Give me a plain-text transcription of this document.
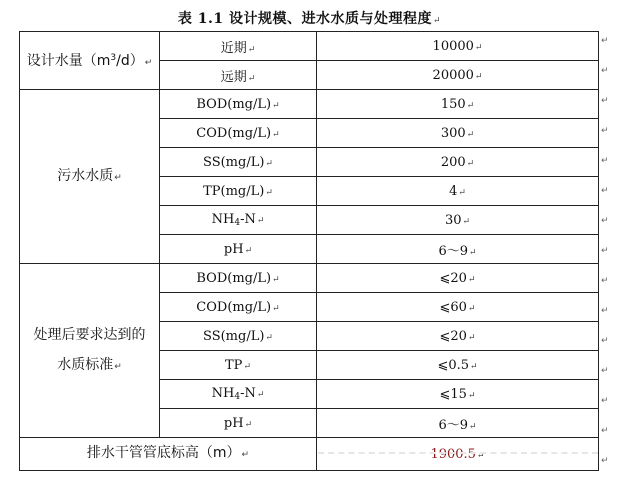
表 1.1 设计规模、进水水质与处理程度↵
设计水量$(m^3/d)↵$	近期↵	10000↵
	远期↵	20000↵
污水水质↵	BOD(mg/L)↵	150↵
	COD(mg/L)↵	300↵
	SS(mg/L)↵	200↵
	TP(mg/L)↵	4↵
	$NH_4-N↵$	30↵
	pH↵	6～9↵

处理后要求达到的
水质标准↵	BOD(mg/L)↵	⩽20↵
	COD(mg/L)↵	⩽60↵
	SS(mg/L)↵	⩽20↵
	TP↵	⩽0.5↵
	$NH_4-N↵$	⩽15↵
	pH↵	6～9↵
排水干管管底标高（m）↵		1900.5↵
↵
↵
↵
↵
↵
↵
↵
↵
↵
↵
↵
↵
↵
↵
↵
